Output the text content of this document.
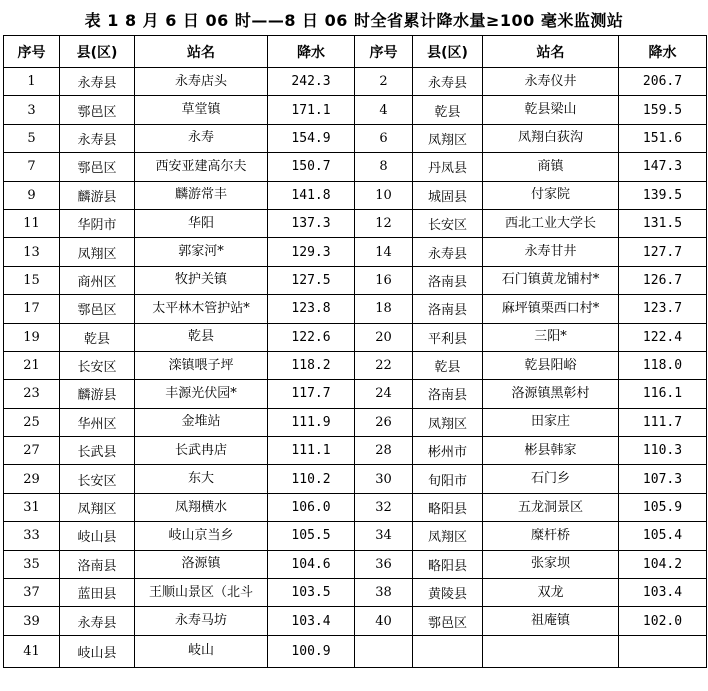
表 1 8 月 6 日 06 时——8 日 06 时全省累计降水量≥100 毫米监测站
序号	县(区)	站名	降水	序号	县(区)	站名	降水
1	永寿县	永寿店头	242.3	2	永寿县	永寿仪井	206.7
3	鄠邑区	草堂镇	171.1	4	乾县	乾县梁山	159.5
5	永寿县	永寿	154.9	6	凤翔区	凤翔白荻沟	151.6
7	鄠邑区	西安亚建高尔夫	150.7	8	丹凤县	商镇	147.3
9	麟游县	麟游常丰	141.8	10	城固县	付家院	139.5
11	华阴市	华阳	137.3	12	长安区	西北工业大学长	131.5
13	凤翔区	郭家河*	129.3	14	永寿县	永寿甘井	127.7
15	商州区	牧护关镇	127.5	16	洛南县	石门镇黄龙铺村*	126.7
17	鄠邑区	太平林木管护站*	123.8	18	洛南县	麻坪镇栗西口村*	123.7
19	乾县	乾县	122.6	20	平利县	三阳*	122.4
21	长安区	滦镇喂子坪	118.2	22	乾县	乾县阳峪	118.0
23	麟游县	丰源光伏园*	117.7	24	洛南县	洛源镇黑彰村	116.1
25	华州区	金堆站	111.9	26	凤翔区	田家庄	111.7
27	长武县	长武冉店	111.1	28	彬州市	彬县韩家	110.3
29	长安区	东大	110.2	30	旬阳市	石门乡	107.3
31	凤翔区	凤翔横水	106.0	32	略阳县	五龙洞景区	105.9
33	岐山县	岐山京当乡	105.5	34	凤翔区	糜杆桥	105.4
35	洛南县	洛源镇	104.6	36	略阳县	张家坝	104.2
37	蓝田县	王顺山景区（北斗	103.5	38	黄陵县	双龙	103.4
39	永寿县	永寿马坊	103.4	40	鄠邑区	祖庵镇	102.0
41	岐山县	岐山	100.9			
